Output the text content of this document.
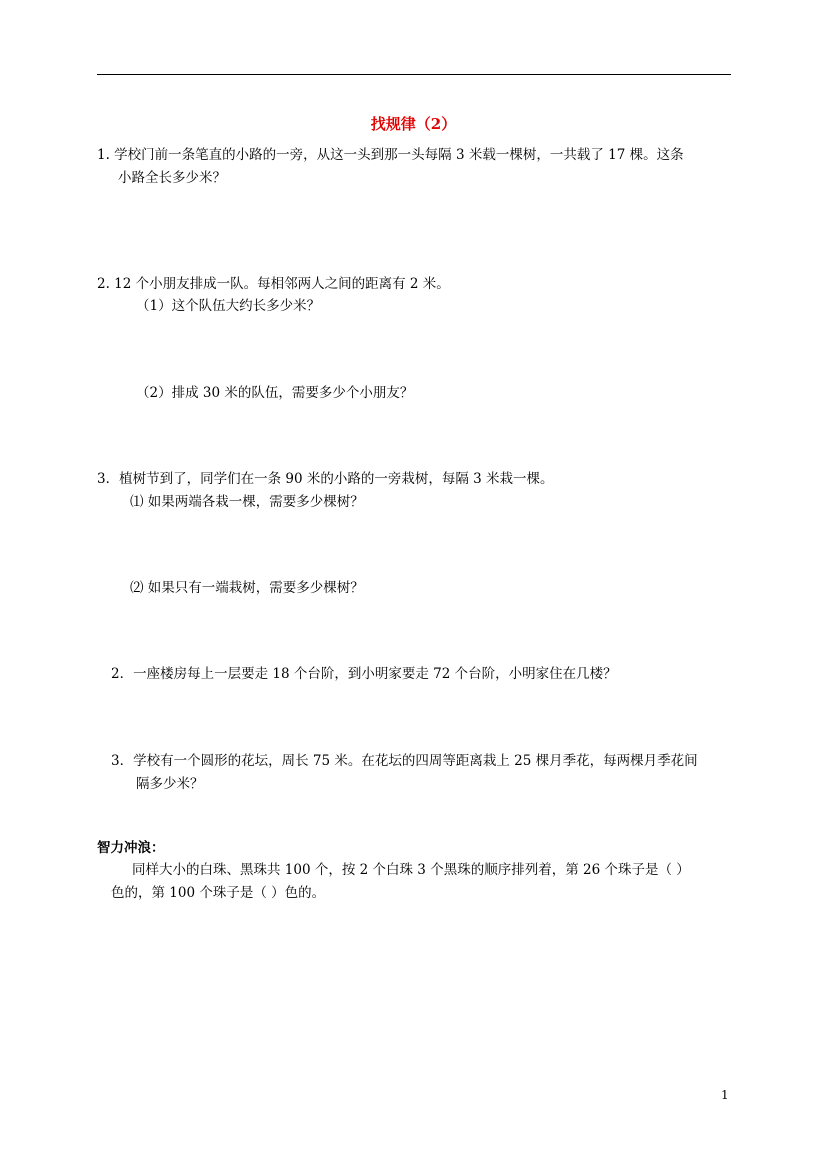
找规律（2）
1. 学校门前一条笔直的小路的一旁，从这一头到那一头每隔 3 米载一棵树，一共载了 17 棵。这条
小路全长多少米？
2. 12 个小朋友排成一队。每相邻两人之间的距离有 2 米。
（1）这个队伍大约长多少米？
（2）排成 30 米的队伍，需要多少个小朋友？
3．植树节到了，同学们在一条 90 米的小路的一旁栽树，每隔 3 米栽一棵。
⑴ 如果两端各栽一棵，需要多少棵树？
⑵ 如果只有一端栽树，需要多少棵树？
2．一座楼房每上一层要走 18 个台阶，到小明家要走 72 个台阶，小明家住在几楼？
3．学校有一个圆形的花坛，周长 75 米。在花坛的四周等距离栽上 25 棵月季花，每两棵月季花间
隔多少米？
智力冲浪：
同样大小的白珠、黑珠共 100 个，按 2 个白珠 3 个黑珠的顺序排列着，第 26 个珠子是（ ）
色的，第 100 个珠子是（ ）色的。
1
